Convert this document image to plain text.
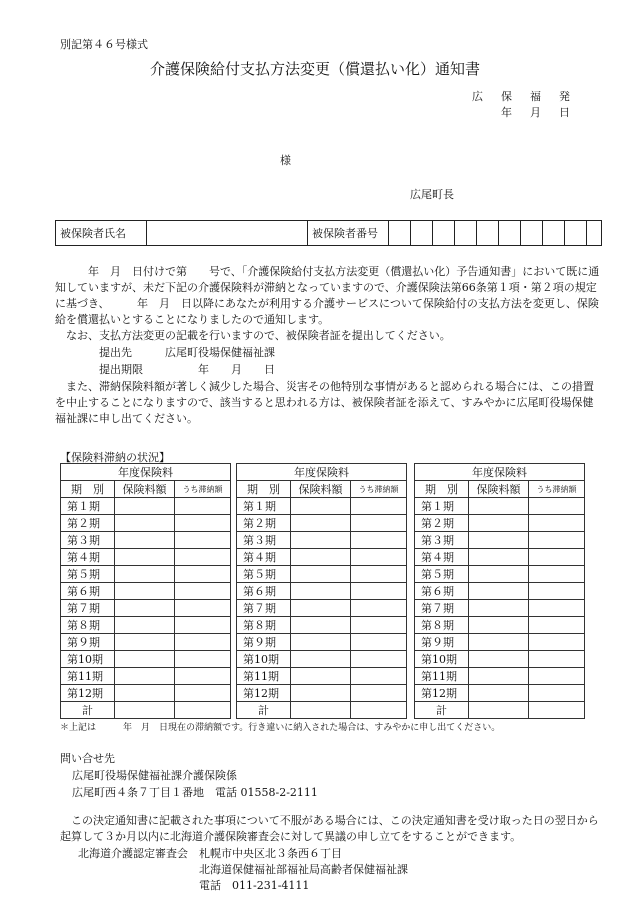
別記第４６号様式
介護保険給付支払方法変更（償還払い化）通知書
広保福発
年月日
様
広尾町長
被保険者氏名	被保険者番号
　　　年　月　日付けで第　　号で、「介護保険給付支払方法変更（償還払い化）予告通知書」において既に通知していますが、未だ下記の介護保険料が滞納となっていますので、介護保険法第66条第１項・第２項の規定に基づき、　　　年　月　日以降にあなたが利用する介護サービスについて保険給付の支払方法を変更し、保険給を償還払いとすることになりましたので通知します。
　なお、支払方法変更の記載を行いますので、被保険者証を提出してください。
　　　　提出先　　　広尾町役場保健福祉課
　　　　提出期限　　　　　年　　月　　日
　また、滞納保険料額が著しく減少した場合、災害その他特別な事情があると認められる場合には、この措置を中止することになりますので、該当すると思われる方は、被保険者証を添えて、すみやかに広尾町役場保健福祉課に申し出てください。
【保険料滞納の状況】
年度保険料		
期　別	保険料額	うち滞納額
第１期		
第２期		
第３期		
第４期		
第５期		
第６期		
第７期		
第８期		
第９期		
第10期		
第11期		
第12期		
計		
年度保険料		
期　別	保険料額	うち滞納額
第１期		
第２期		
第３期		
第４期		
第５期		
第６期		
第７期		
第８期		
第９期		
第10期		
第11期		
第12期		
計		
年度保険料		
期　別	保険料額	うち滞納額
第１期		
第２期		
第３期		
第４期		
第５期		
第６期		
第７期		
第８期		
第９期		
第10期		
第11期		
第12期		
計		
＊上記は　　　年　月　日現在の滞納額です。行き違いに納入された場合は、すみやかに申し出てください。
問い合せ先
広尾町役場保健福祉課介護保険係
広尾町西４条７丁目１番地　電話 01558-2-2111
　この決定通知書に記載された事項について不服がある場合には、この決定通知書を受け取った日の翌日から起算して３か月以内に北海道介護保険審査会に対して異議の申し立てをすることができます。
北海道介護認定審査会　札幌市中央区北３条西６丁目
　　　　　　　　　　　北海道保健福祉部福祉局高齢者保健福祉課
　　　　　　　　　　　電話　011-231-4111
